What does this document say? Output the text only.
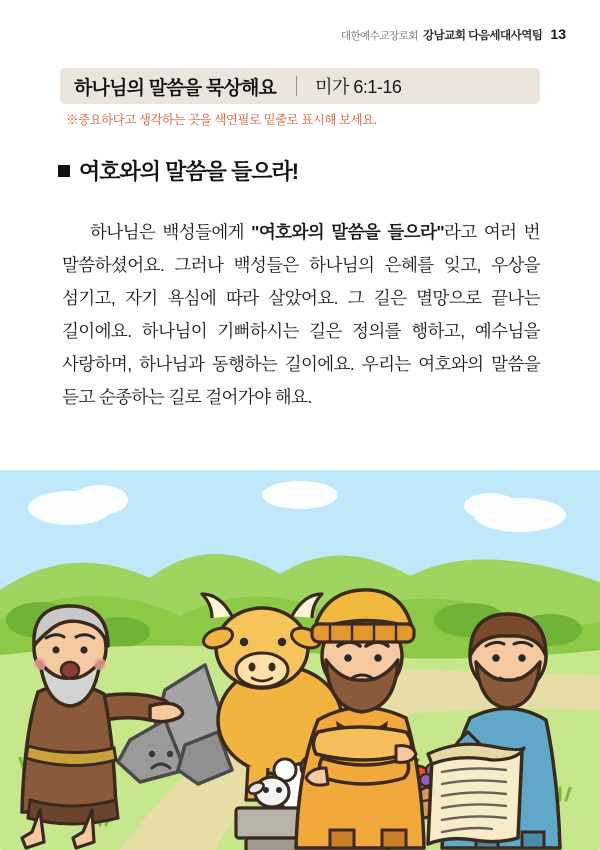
대한예수교장로회 강남교회 다음세대사역팀 13
하나님의 말씀을 묵상해요 미가 6:1-16
※중요하다고 생각하는 곳을 색연필로 밑줄로 표시해 보세요.
여호와의 말씀을 들으라!

하나님은 백성들에게 "여호와의 말씀을 들으라"라고 여러 번 말씀하셨어요. 그러나 백성들은 하나님의 은혜를 잊고, 우상을 섬기고, 자기 욕심에 따라 살았어요. 그 길은 멸망으로 끝나는 길이에요. 하나님이 기뻐하시는 길은 정의를 행하고, 예수님을 사랑하며, 하나님과 동행하는 길이에요. 우리는 여호와의 말씀을 듣고 순종하는 길로 걸어가야 해요.
